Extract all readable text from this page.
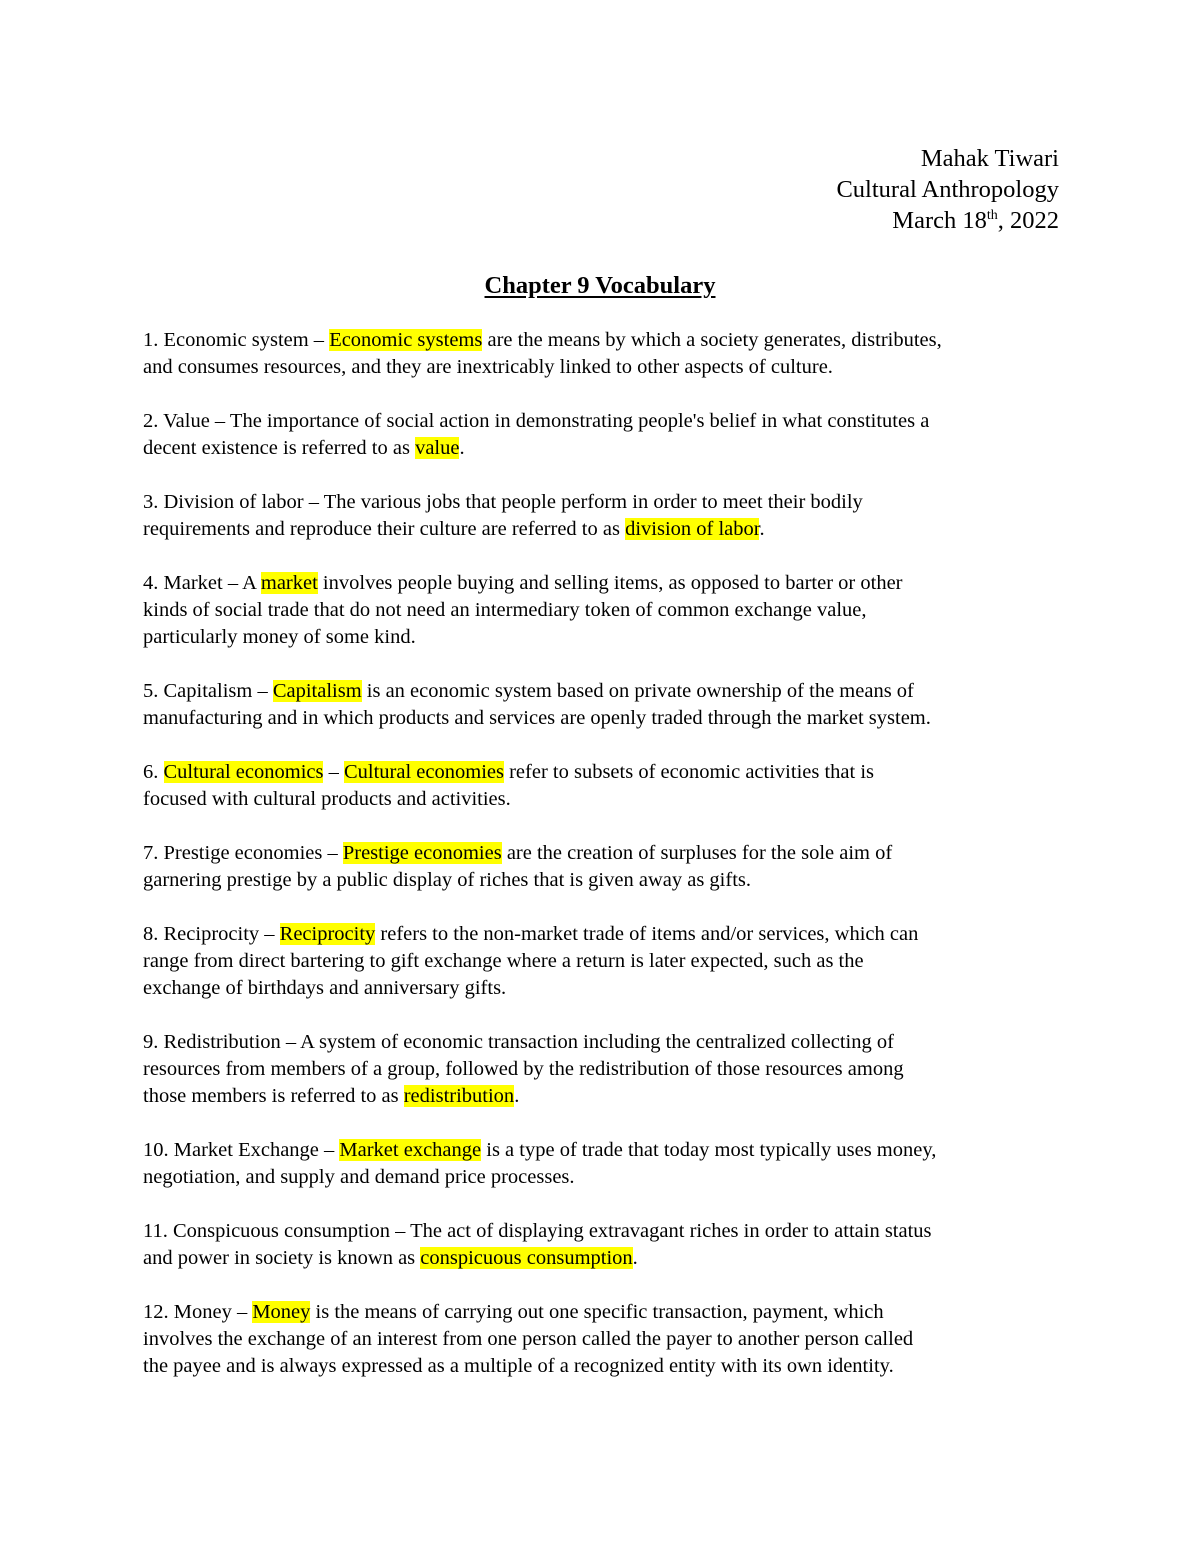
Mahak Tiwari
Cultural Anthropology
March 18th, 2022
Chapter 9 Vocabulary
1. Economic system – Economic systems are the means by which a society generates, distributes,
and consumes resources, and they are inextricably linked to other aspects of culture.
2. Value – The importance of social action in demonstrating people's belief in what constitutes a
decent existence is referred to as value.
3. Division of labor – The various jobs that people perform in order to meet their bodily
requirements and reproduce their culture are referred to as division of labor.
4. Market – A market involves people buying and selling items, as opposed to barter or other
kinds of social trade that do not need an intermediary token of common exchange value,
particularly money of some kind.
5. Capitalism – Capitalism is an economic system based on private ownership of the means of
manufacturing and in which products and services are openly traded through the market system.
6. Cultural economics – Cultural economies refer to subsets of economic activities that is
focused with cultural products and activities.
7. Prestige economies – Prestige economies are the creation of surpluses for the sole aim of
garnering prestige by a public display of riches that is given away as gifts.
8. Reciprocity – Reciprocity refers to the non-market trade of items and/or services, which can
range from direct bartering to gift exchange where a return is later expected, such as the
exchange of birthdays and anniversary gifts.
9. Redistribution – A system of economic transaction including the centralized collecting of
resources from members of a group, followed by the redistribution of those resources among
those members is referred to as redistribution.
10. Market Exchange – Market exchange is a type of trade that today most typically uses money,
negotiation, and supply and demand price processes.
11. Conspicuous consumption – The act of displaying extravagant riches in order to attain status
and power in society is known as conspicuous consumption.
12. Money – Money is the means of carrying out one specific transaction, payment, which
involves the exchange of an interest from one person called the payer to another person called
the payee and is always expressed as a multiple of a recognized entity with its own identity.
